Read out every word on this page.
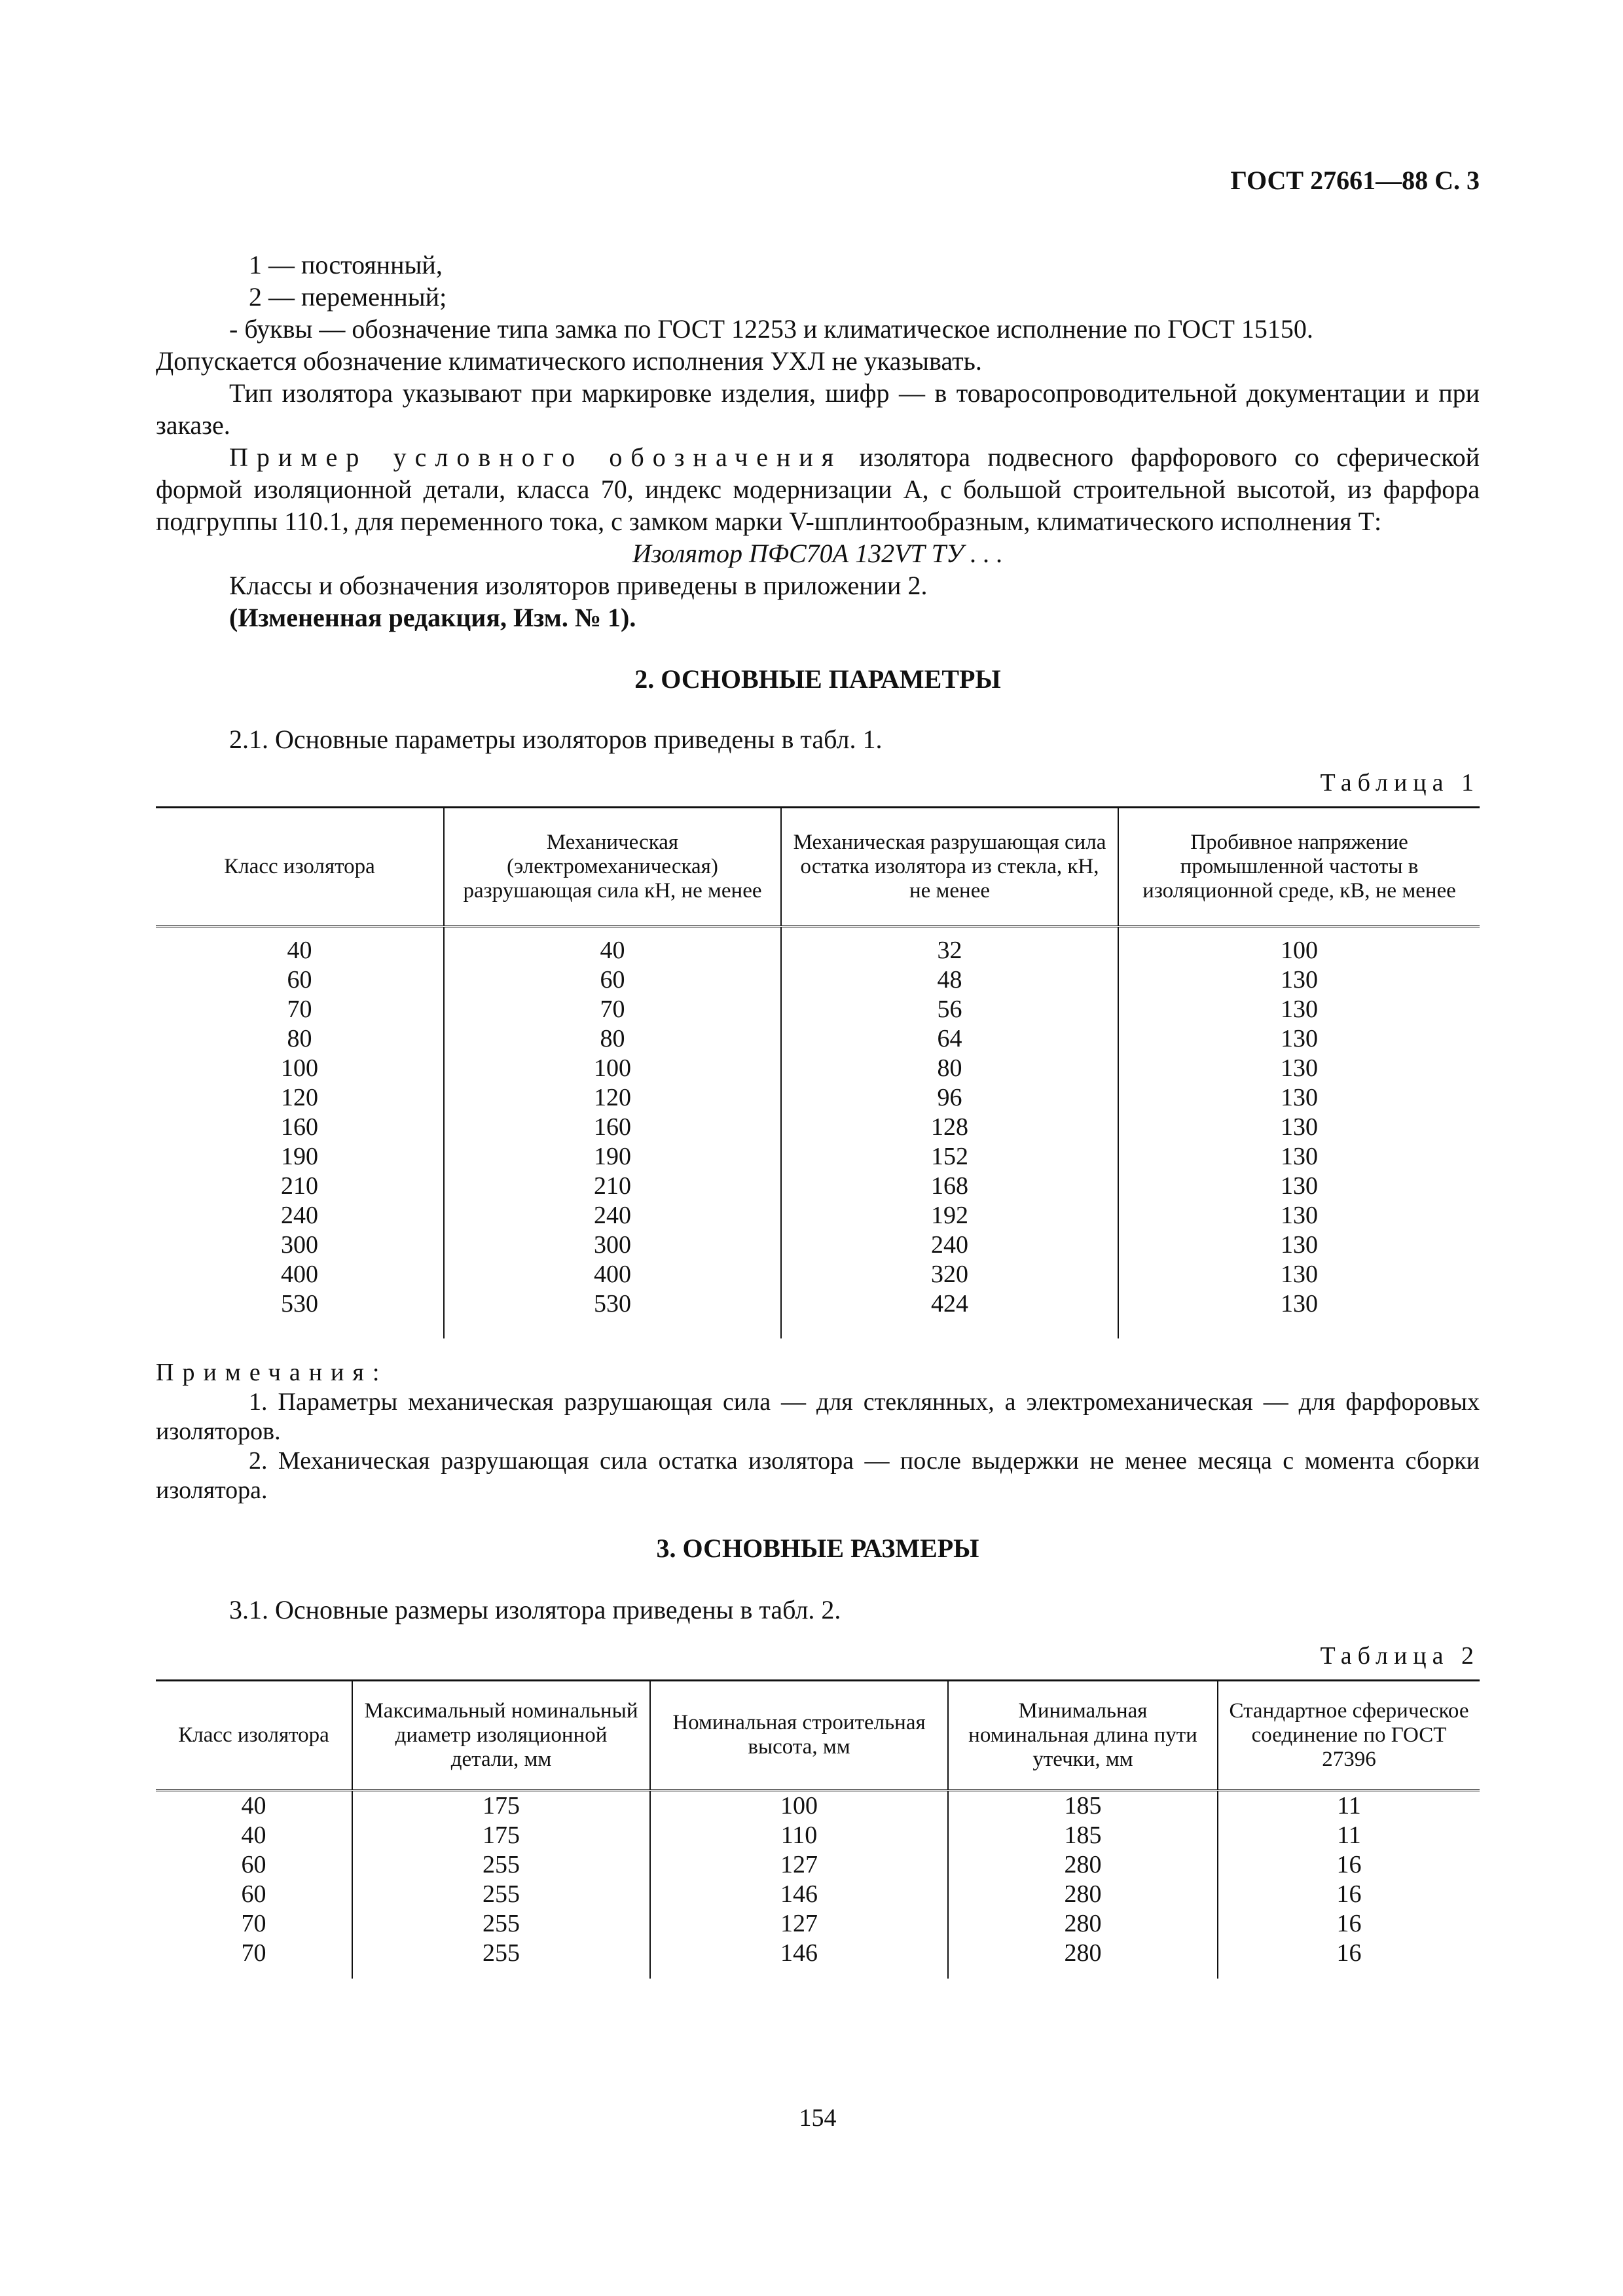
ГОСТ 27661—88 С. 3

1 — постоянный,

2 — переменный;

- буквы — обозначение типа замка по ГОСТ 12253 и климатическое исполнение по ГОСТ 15150.

Допускается обозначение климатического исполнения УХЛ не указывать.

Тип изолятора указывают при маркировке изделия, шифр — в товаросопроводительной документации и при заказе.

Пример условного обозначения изолятора подвесного фарфорового со сферической формой изоляционной детали, класса 70, индекс модернизации А, с большой строительной высотой, из фарфора подгруппы 110.1, для переменного тока, с замком марки V-шплинтообразным, климатического исполнения Т:

Изолятор ПФС70А 132VТ ТУ . . .

Классы и обозначения изоляторов приведены в приложении 2.

(Измененная редакция, Изм. № 1).

2. ОСНОВНЫЕ ПАРАМЕТРЫ

2.1. Основные параметры изоляторов приведены в табл. 1.

Таблица 1
Класс изолятора	Механическая (электромеханическая) разрушающая сила кН, не менее	Механическая разрушающая сила остатка изолятора из стекла, кН, не менее	Пробивное напряжение промышленной частоты в изоляционной среде, кВ, не менее

40	40	32	100
60	60	48	130
70	70	56	130
80	80	64	130
100	100	80	130
120	120	96	130
160	160	128	130
190	190	152	130
210	210	168	130
240	240	192	130
300	300	240	130
400	400	320	130
530	530	424	130

Примечания:

1. Параметры механическая разрушающая сила — для стеклянных, а электромеханическая — для фарфоровых изоляторов.

2. Механическая разрушающая сила остатка изолятора — после выдержки не менее месяца с момента сборки изолятора.

3. ОСНОВНЫЕ РАЗМЕРЫ

3.1. Основные размеры изолятора приведены в табл. 2.

Таблица 2
Класс изолятора	Максимальный номинальный диаметр изоляционной детали, мм	Номинальная строительная высота, мм	Минимальная номинальная длина пути утечки, мм	Стандартное сферическое соединение по ГОСТ 27396
40	175	100	185	11
40	175	110	185	11
60	255	127	280	16
60	255	146	280	16
70	255	127	280	16
70	255	146	280	16

154
